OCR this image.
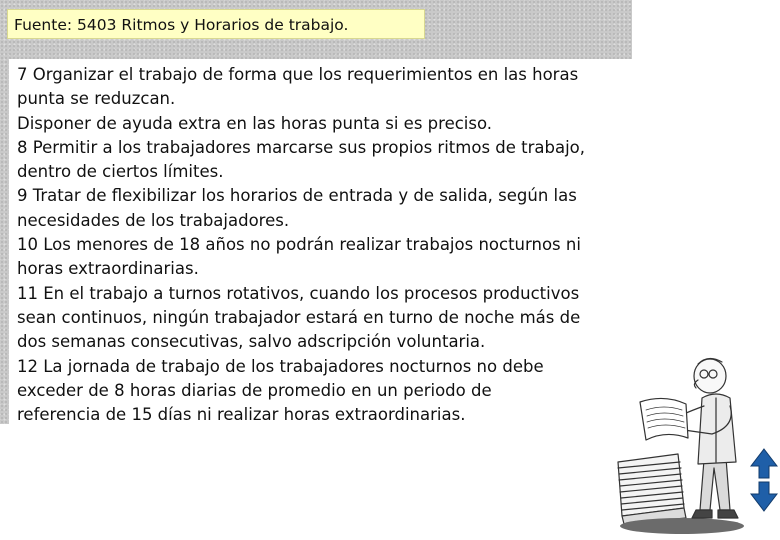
Fuente: 5403 Ritmos y Horarios de trabajo.
7 Organizar el trabajo de forma que los requerimientos en las horas
punta se reduzcan.
Disponer de ayuda extra en las horas punta si es preciso.
8 Permitir a los trabajadores marcarse sus propios ritmos de trabajo,
dentro de ciertos límites.
9 Tratar de flexibilizar los horarios de entrada y de salida, según las
necesidades de los trabajadores.
10 Los menores de 18 años no podrán realizar trabajos nocturnos ni
horas extraordinarias.
11 En el trabajo a turnos rotativos, cuando los procesos productivos
sean continuos, ningún trabajador estará en turno de noche más de
dos semanas consecutivas, salvo adscripción voluntaria.
12 La jornada de trabajo de los trabajadores nocturnos no debe
exceder de 8 horas diarias de promedio en un periodo de
referencia de 15 días ni realizar horas extraordinarias.
